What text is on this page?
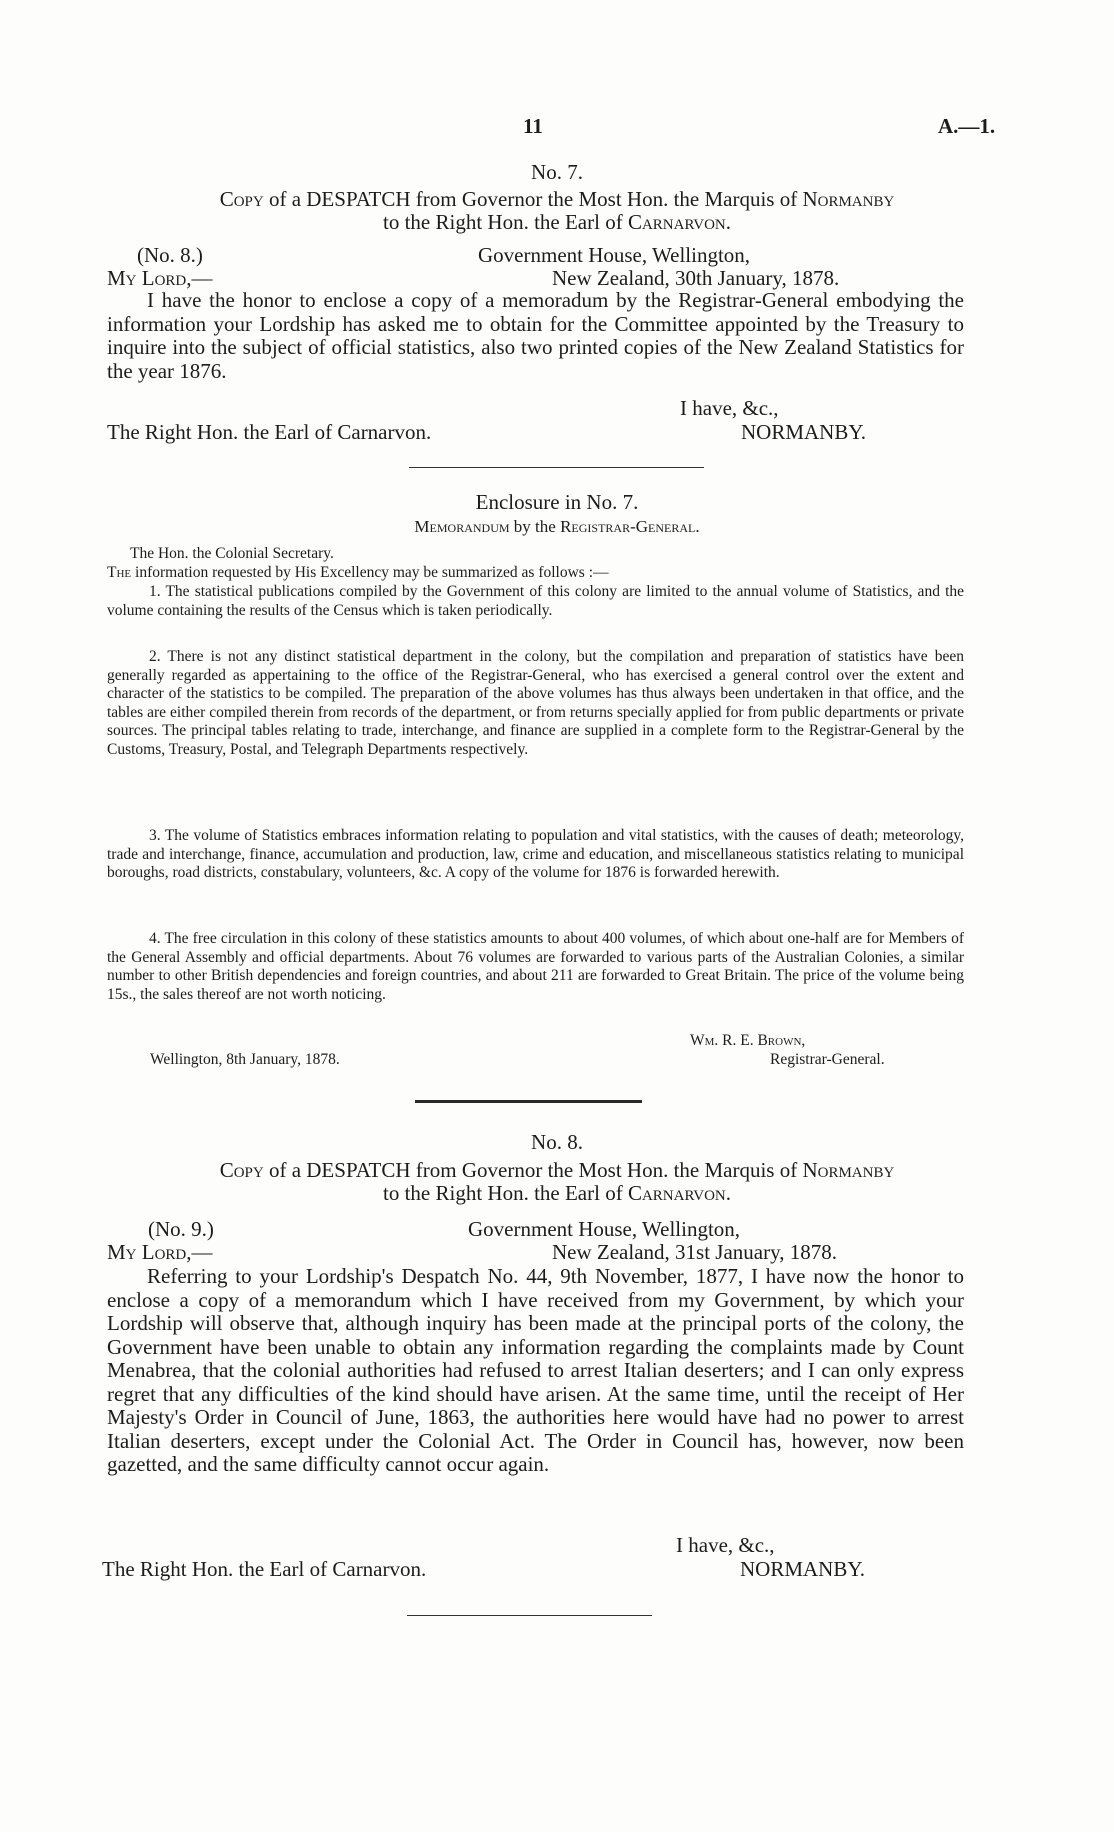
11	A.—1.
No. 7.
Copy of a DESPATCH from Governor the Most Hon. the Marquis of Normanby
to the Right Hon. the Earl of Carnarvon.
(No. 8.)	Government House, Wellington,
My Lord,—	New Zealand, 30th January, 1878.
I have the honor to enclose a copy of a memoradum by the Registrar-General embodying the information your Lordship has asked me to obtain for the Committee appointed by the Treasury to inquire into the subject of official statistics, also two printed copies of the New Zealand Statistics for the year 1876.
I have, &c.,
The Right Hon. the Earl of Carnarvon.	NORMANBY.
Enclosure in No. 7.
Memorandum by the Registrar-General.
The Hon. the Colonial Secretary.
The information requested by His Excellency may be summarized as follows :—
1. The statistical publications compiled by the Government of this colony are limited to the annual volume of Statistics, and the volume containing the results of the Census which is taken periodically.
2. There is not any distinct statistical department in the colony, but the compilation and preparation of statistics have been generally regarded as appertaining to the office of the Registrar-General, who has exercised a general control over the extent and character of the statistics to be compiled. The preparation of the above volumes has thus always been undertaken in that office, and the tables are either compiled therein from records of the department, or from returns specially applied for from public departments or private sources. The principal tables relating to trade, interchange, and finance are supplied in a complete form to the Registrar-General by the Customs, Treasury, Postal, and Telegraph Departments respectively.
3. The volume of Statistics embraces information relating to population and vital statistics, with the causes of death; meteorology, trade and interchange, finance, accumulation and production, law, crime and education, and miscellaneous statistics relating to municipal boroughs, road districts, constabulary, volunteers, &c. A copy of the volume for 1876 is forwarded herewith.
4. The free circulation in this colony of these statistics amounts to about 400 volumes, of which about one-half are for Members of the General Assembly and official departments. About 76 volumes are forwarded to various parts of the Australian Colonies, a similar number to other British dependencies and foreign countries, and about 211 are forwarded to Great Britain. The price of the volume being 15s., the sales thereof are not worth noticing.
Wm. R. E. Brown,
Wellington, 8th January, 1878.	Registrar-General.
No. 8.
Copy of a DESPATCH from Governor the Most Hon. the Marquis of Normanby
to the Right Hon. the Earl of Carnarvon.
(No. 9.)	Government House, Wellington,
My Lord,—	New Zealand, 31st January, 1878.
Referring to your Lordship's Despatch No. 44, 9th November, 1877, I have now the honor to enclose a copy of a memorandum which I have received from my Government, by which your Lordship will observe that, although inquiry has been made at the principal ports of the colony, the Government have been unable to obtain any information regarding the complaints made by Count Menabrea, that the colonial authorities had refused to arrest Italian deserters; and I can only express regret that any difficulties of the kind should have arisen. At the same time, until the receipt of Her Majesty's Order in Council of June, 1863, the authorities here would have had no power to arrest Italian deserters, except under the Colonial Act. The Order in Council has, however, now been gazetted, and the same difficulty cannot occur again.
I have, &c.,
The Right Hon. the Earl of Carnarvon.	NORMANBY.
